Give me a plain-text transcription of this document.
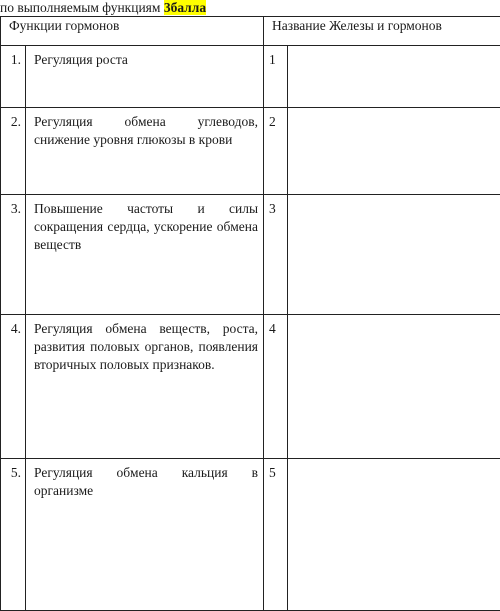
по выполняемым функциям 3балла
Функции гормонов		Название Железы и гормонов	
1.	Регуляция роста	1	
2.	Регуляция обмена углеводов, снижение уровня глюкозы в крови	2	
3.	Повышение частоты и силы сокращения сердца, ускорение обмена веществ	3	
4.	Регуляция обмена веществ, роста, развития половых органов, появления вторичных половых признаков.	4	
5.	Регуляция обмена кальция в организме	5	
